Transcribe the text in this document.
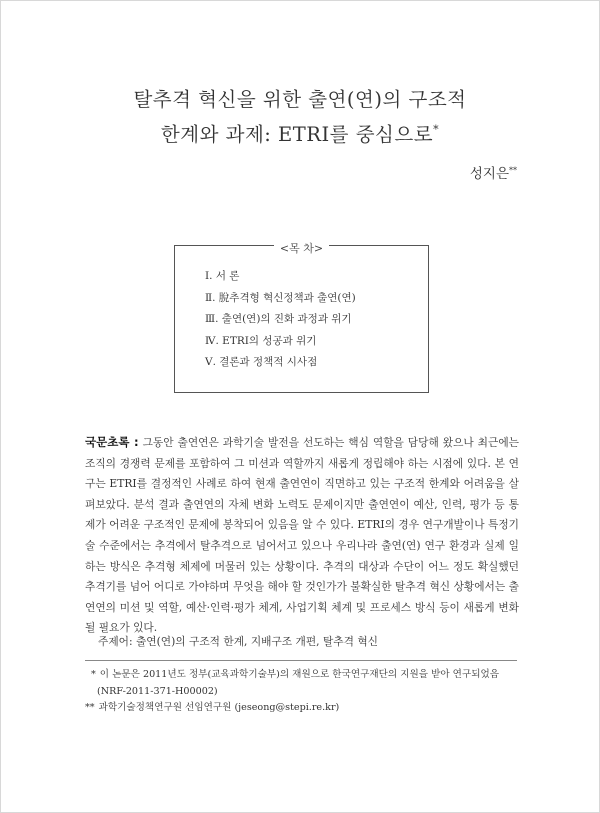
탈추격 혁신을 위한 출연(연)의 구조적
한계와 과제: ETRI를 중심으로*
성지은**
<목 차>
Ⅰ. 서 론
Ⅱ. 脫추격형 혁신정책과 출연(연)
Ⅲ. 출연(연)의 진화 과정과 위기
Ⅳ. ETRI의 성공과 위기
Ⅴ. 결론과 정책적 시사점

국문초록 : 그동안 출연연은 과학기술 발전을 선도하는 핵심 역할을 담당해 왔으나 최근에는 조직의 경쟁력 문제를 포함하여 그 미션과 역할까지 새롭게 정립해야 하는 시점에 있다. 본 연구는 ETRI를 결정적인 사례로 하여 현재 출연연이 직면하고 있는 구조적 한계와 어려움을 살펴보았다. 분석 결과 출연연의 자체 변화 노력도 문제이지만 출연연이 예산, 인력, 평가 등 통제가 어려운 구조적인 문제에 봉착되어 있음을 알 수 있다. ETRI의 경우 연구개발이나 특정기술 수준에서는 추격에서 탈추격으로 넘어서고 있으나 우리나라 출연(연) 연구 환경과 실제 일하는 방식은 추격형 체제에 머물러 있는 상황이다. 추격의 대상과 수단이 어느 정도 확실했던 추격기를 넘어 어디로 가야하며 무엇을 해야 할 것인가가 불확실한 탈추격 혁신 상황에서는 출연연의 미션 및 역할, 예산·인력·평가 체계, 사업기획 체계 및 프로세스 방식 등이 새롭게 변화될 필요가 있다.

주제어: 출연(연)의 구조적 한계, 지배구조 개편, 탈추격 혁신

* 이 논문은 2011년도 정부(교육과학기술부)의 재원으로 한국연구재단의 지원을 받아 연구되었음(NRF-2011-371-H00002)

** 과학기술정책연구원 선임연구원 (jeseong@stepi.re.kr)
